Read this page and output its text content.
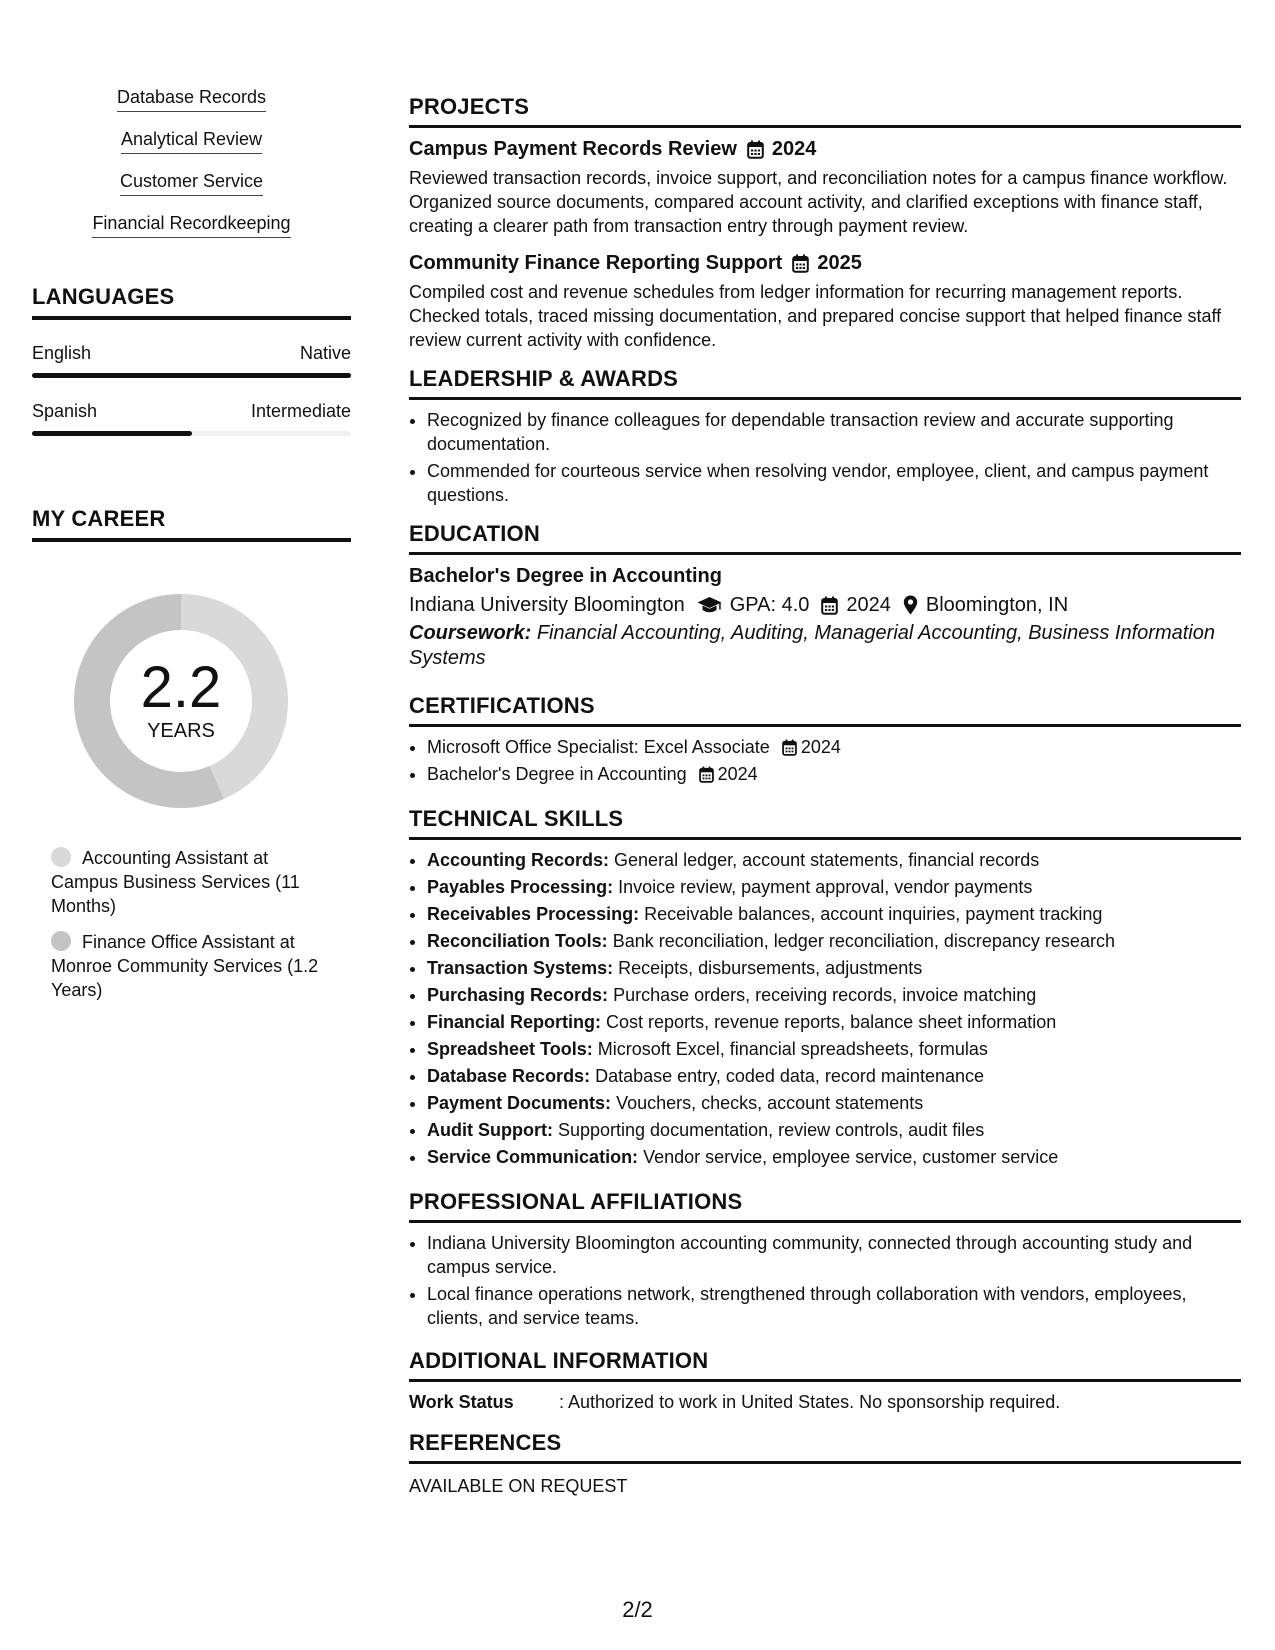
Database Records
Analytical Review
Customer Service
Financial Recordkeeping
LANGUAGES
English	Native
Spanish	Intermediate
MY CAREER
2.2
YEARS
Accounting Assistant at Campus Business Services (11 Months)
Finance Office Assistant at Monroe Community Services (1.2 Years)
PROJECTS
Campus Payment Records Review 2024
Reviewed transaction records, invoice support, and reconciliation notes for a campus finance workflow. Organized source documents, compared account activity, and clarified exceptions with finance staff, creating a clearer path from transaction entry through payment review.
Community Finance Reporting Support 2025
Compiled cost and revenue schedules from ledger information for recurring management reports. Checked totals, traced missing documentation, and prepared concise support that helped finance staff review current activity with confidence.
LEADERSHIP & AWARDS
• Recognized by finance colleagues for dependable transaction review and accurate supporting documentation.
• Commended for courteous service when resolving vendor, employee, client, and campus payment questions.
EDUCATION
Bachelor's Degree in Accounting
Indiana University Bloomington GPA: 4.0 2024 Bloomington, IN
Coursework: Financial Accounting, Auditing, Managerial Accounting, Business Information Systems
CERTIFICATIONS
• Microsoft Office Specialist: Excel Associate 2024
• Bachelor's Degree in Accounting 2024
TECHNICAL SKILLS
• Accounting Records: General ledger, account statements, financial records
• Payables Processing: Invoice review, payment approval, vendor payments
• Receivables Processing: Receivable balances, account inquiries, payment tracking
• Reconciliation Tools: Bank reconciliation, ledger reconciliation, discrepancy research
• Transaction Systems: Receipts, disbursements, adjustments
• Purchasing Records: Purchase orders, receiving records, invoice matching
• Financial Reporting: Cost reports, revenue reports, balance sheet information
• Spreadsheet Tools: Microsoft Excel, financial spreadsheets, formulas
• Database Records: Database entry, coded data, record maintenance
• Payment Documents: Vouchers, checks, account statements
• Audit Support: Supporting documentation, review controls, audit files
• Service Communication: Vendor service, employee service, customer service
PROFESSIONAL AFFILIATIONS
• Indiana University Bloomington accounting community, connected through accounting study and campus service.
• Local finance operations network, strengthened through collaboration with vendors, employees, clients, and service teams.
ADDITIONAL INFORMATION
Work Status	: Authorized to work in United States. No sponsorship required.
REFERENCES
AVAILABLE ON REQUEST
2/2
